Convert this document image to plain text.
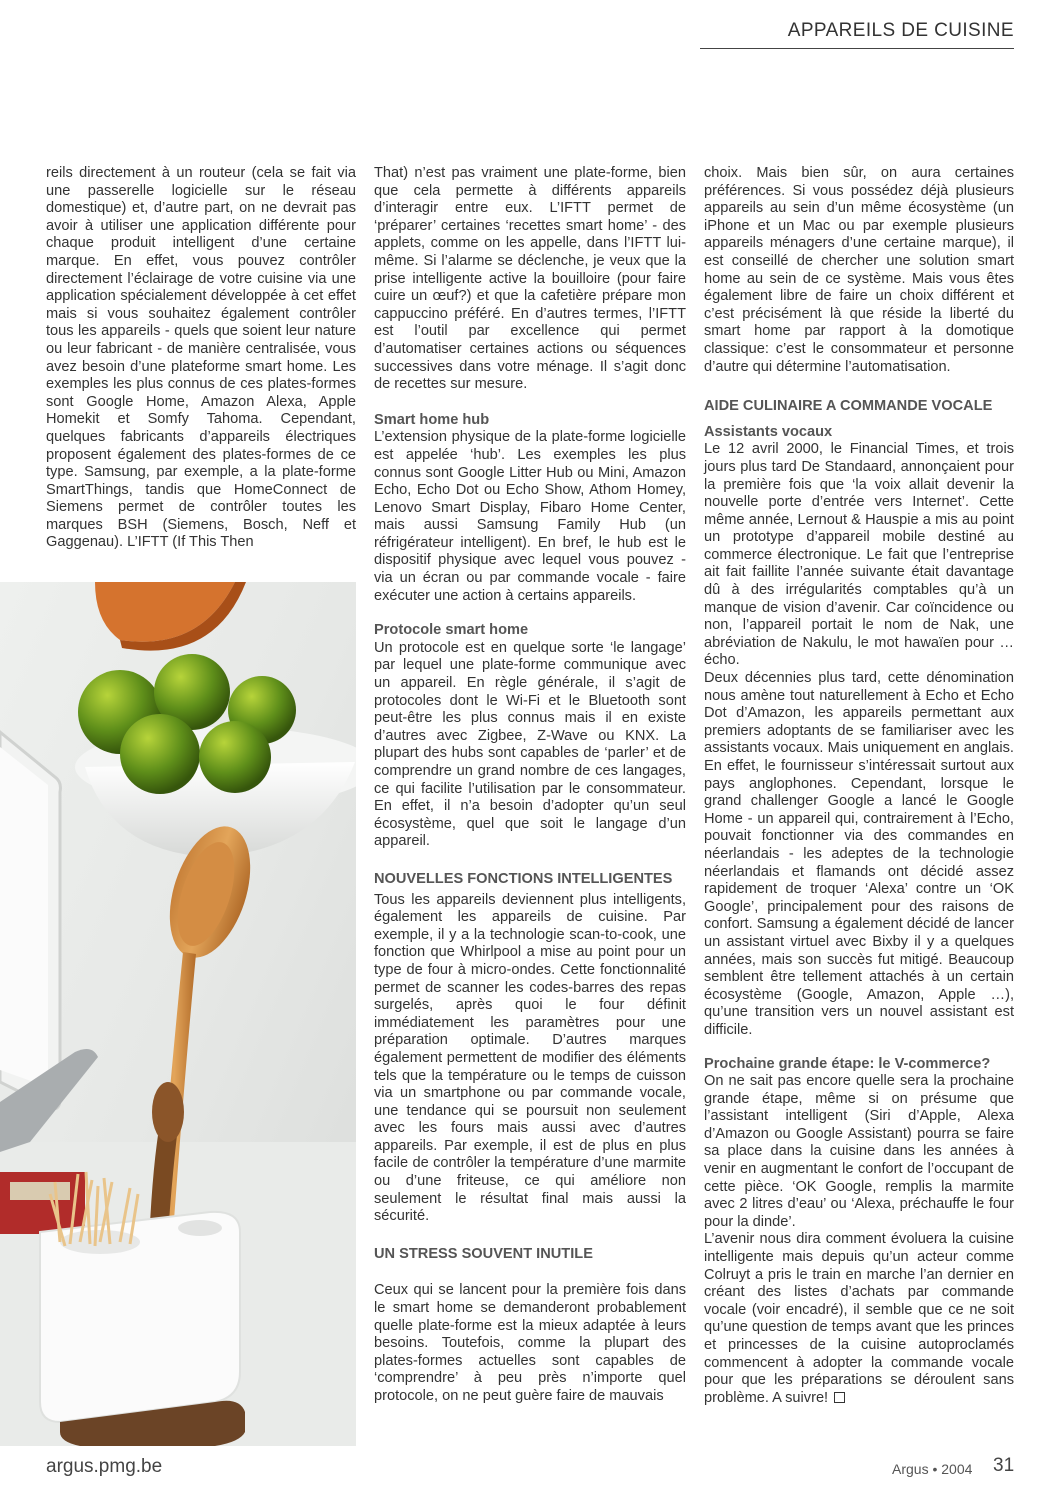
APPAREILS DE CUISINE

reils directement à un routeur (cela se fait via une passerelle logicielle sur le réseau domestique) et, d’autre part, on ne devrait pas avoir à utiliser une application différente pour chaque produit intelligent d’une certaine marque. En effet, vous pouvez contrôler directement l’éclairage de votre cuisine via une application spécialement développée à cet effet mais si vous souhaitez également contrôler tous les appareils - quels que soient leur nature ou leur fabricant - de manière centralisée, vous avez besoin d’une plateforme smart home. Les exemples les plus connus de ces plates-formes sont Google Home, Amazon Alexa, Apple Homekit et Somfy Tahoma. Cependant, quelques fabricants d’appareils électriques proposent également des plates-formes de ce type. Samsung, par exemple, a la plate-forme SmartThings, tandis que HomeConnect de Siemens permet de contrôler toutes les marques BSH (Siemens, Bosch, Neff et Gaggenau). L’IFTT (If This Then

That) n’est pas vraiment une plate-forme, bien que cela permette à différents appareils d’interagir entre eux. L’IFTT permet de ‘préparer’ certaines ‘recettes smart home’ - des applets, comme on les appelle, dans l’IFTT lui-même. Si l’alarme se déclenche, je veux que la prise intelligente active la bouilloire (pour faire cuire un œuf?) et que la cafetière prépare mon cappuccino préféré. En d’autres termes, l’IFTT est l’outil par excellence qui permet d’automatiser certaines actions ou séquences successives dans votre ménage. Il s’agit donc de recettes sur mesure.

Smart home hub

L’extension physique de la plate-forme logicielle est appelée ‘hub’. Les exemples les plus connus sont Google Litter Hub ou Mini, Amazon Echo, Echo Dot ou Echo Show, Athom Homey, Lenovo Smart Display, Fibaro Home Center, mais aussi Samsung Family Hub (un réfrigérateur intelligent). En bref, le hub est le dispositif physique avec lequel vous pouvez - via un écran ou par commande vocale - faire exécuter une action à certains appareils.

Protocole smart home

Un protocole est en quelque sorte ‘le langage’ par lequel une plate-forme communique avec un appareil. En règle générale, il s’agit de protocoles dont le Wi-Fi et le Bluetooth sont peut-être les plus connus mais il en existe d’autres avec Zigbee, Z-Wave ou KNX. La plupart des hubs sont capables de ‘parler’ et de comprendre un grand nombre de ces langages, ce qui facilite l’utilisation par le consommateur. En effet, il n’a besoin d’adopter qu’un seul écosystème, quel que soit le langage d’un appareil.

NOUVELLES FONCTIONS INTELLIGENTES

Tous les appareils deviennent plus intelligents, également les appareils de cuisine. Par exemple, il y a la technologie scan-to-cook, une fonction que Whirlpool a mise au point pour un type de four à micro-ondes. Cette fonctionnalité permet de scanner les codes-barres des repas surgelés, après quoi le four définit immédiatement les paramètres pour une préparation optimale. D’autres marques également permettent de modifier des éléments tels que la température ou le temps de cuisson via un smartphone ou par commande vocale, une tendance qui se poursuit non seulement avec les fours mais aussi avec d’autres appareils. Par exemple, il est de plus en plus facile de contrôler la température d’une marmite ou d’une friteuse, ce qui améliore non seulement le résultat final mais aussi la sécurité.

UN STRESS SOUVENT INUTILE

Ceux qui se lancent pour la première fois dans le smart home se demanderont probablement quelle plate-forme est la mieux adaptée à leurs besoins. Toutefois, comme la plupart des plates-formes actuelles sont capables de ‘comprendre’ à peu près n’importe quel protocole, on ne peut guère faire de mauvais

choix. Mais bien sûr, on aura certaines préférences. Si vous possédez déjà plusieurs appareils au sein d’un même écosystème (un iPhone et un Mac ou par exemple plusieurs appareils ménagers d’une certaine marque), il est conseillé de chercher une solution smart home au sein de ce système. Mais vous êtes également libre de faire un choix différent et c’est précisément là que réside la liberté du smart home par rapport à la domotique classique: c’est le consommateur et personne d’autre qui détermine l’automatisation.

AIDE CULINAIRE A COMMANDE VOCALE
Assistants vocaux

Le 12 avril 2000, le Financial Times, et trois jours plus tard De Standaard, annonçaient pour la première fois que ‘la voix allait devenir la nouvelle porte d’entrée vers Internet’. Cette même année, Lernout & Hauspie a mis au point un prototype d’appareil mobile destiné au commerce électronique. Le fait que l’entreprise ait fait faillite l’année suivante était davantage dû à des irrégularités comptables qu’à un manque de vision d’avenir. Car coïncidence ou non, l’appareil portait le nom de Nak, une abréviation de Nakulu, le mot hawaïen pour … écho.

Deux décennies plus tard, cette dénomination nous amène tout naturellement à Echo et Echo Dot d’Amazon, les appareils permettant aux premiers adoptants de se familiariser avec les assistants vocaux. Mais uniquement en anglais. En effet, le fournisseur s’intéressait surtout aux pays anglophones. Cependant, lorsque le grand challenger Google a lancé le Google Home - un appareil qui, contrairement à l’Echo, pouvait fonctionner via des commandes en néerlandais - les adeptes de la technologie néerlandais et flamands ont décidé assez rapidement de troquer ‘Alexa’ contre un ‘OK Google’, principalement pour des raisons de confort. Samsung a également décidé de lancer un assistant virtuel avec Bixby il y a quelques années, mais son succès fut mitigé. Beaucoup semblent être tellement attachés à un certain écosystème (Google, Amazon, Apple …), qu’une transition vers un nouvel assistant est difficile.

Prochaine grande étape: le V-commerce?

On ne sait pas encore quelle sera la prochaine grande étape, même si on présume que l’assistant intelligent (Siri d’Apple, Alexa d’Amazon ou Google Assistant) pourra se faire sa place dans la cuisine dans les années à venir en augmentant le confort de l’occupant de cette pièce. ‘OK Google, remplis la marmite avec 2 litres d’eau’ ou ‘Alexa, préchauffe le four pour la dinde’.

L’avenir nous dira comment évoluera la cuisine intelligente mais depuis qu’un acteur comme Colruyt a pris le train en marche l’an dernier en créant des listes d’achats par commande vocale (voir encadré), il semble que ce ne soit qu’une question de temps avant que les princes et princesses de la cuisine autoproclamés commencent à adopter la commande vocale pour que les préparations se déroulent sans problème. A suivre!

argus.pmg.be	Argus • 2004 31
